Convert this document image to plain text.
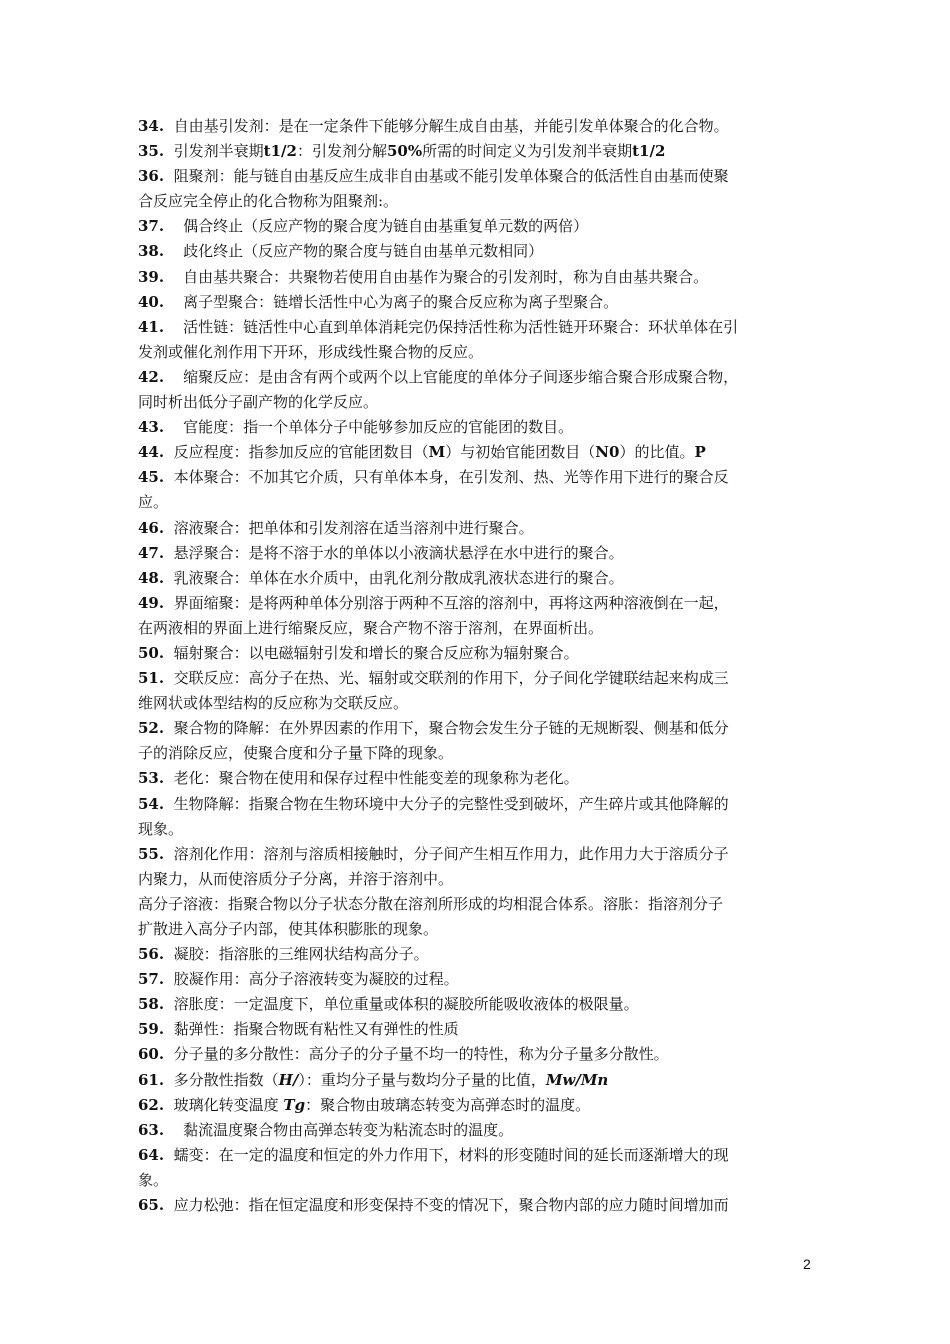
34.  自由基引发剂：是在一定条件下能够分解生成自由基，并能引发单体聚合的化合物。
35.  引发剂半衰期t1/2：引发剂分解50%所需的时间定义为引发剂半衰期t1/2
36.  阻聚剂：能与链自由基反应生成非自由基或不能引发单体聚合的低活性自由基而使聚
合反应完全停止的化合物称为阻聚剂:。
37.    偶合终止（反应产物的聚合度为链自由基重复单元数的两倍）
38.    歧化终止（反应产物的聚合度与链自由基单元数相同）
39.    自由基共聚合：共聚物若使用自由基作为聚合的引发剂时，称为自由基共聚合。
40.    离子型聚合：链增长活性中心为离子的聚合反应称为离子型聚合。
41.    活性链：链活性中心直到单体消耗完仍保持活性称为活性链开环聚合：环状单体在引
发剂或催化剂作用下开环，形成线性聚合物的反应。
42.    缩聚反应：是由含有两个或两个以上官能度的单体分子间逐步缩合聚合形成聚合物，
同时析出低分子副产物的化学反应。
43.    官能度：指一个单体分子中能够参加反应的官能团的数目。
44.  反应程度：指参加反应的官能团数目（M）与初始官能团数目（N0）的比值。P
45.  本体聚合：不加其它介质，只有单体本身，在引发剂、热、光等作用下进行的聚合反
应。
46.  溶液聚合：把单体和引发剂溶在适当溶剂中进行聚合。
47.  悬浮聚合：是将不溶于水的单体以小液滴状悬浮在水中进行的聚合。
48.  乳液聚合：单体在水介质中，由乳化剂分散成乳液状态进行的聚合。
49.  界面缩聚：是将两种单体分别溶于两种不互溶的溶剂中，再将这两种溶液倒在一起，
在两液相的界面上进行缩聚反应，聚合产物不溶于溶剂，在界面析出。
50.  辐射聚合：以电磁辐射引发和增长的聚合反应称为辐射聚合。
51.  交联反应：高分子在热、光、辐射或交联剂的作用下，分子间化学键联结起来构成三
维网状或体型结构的反应称为交联反应。
52.  聚合物的降解：在外界因素的作用下，聚合物会发生分子链的无规断裂、侧基和低分
子的消除反应，使聚合度和分子量下降的现象。
53.  老化：聚合物在使用和保存过程中性能变差的现象称为老化。
54.  生物降解：指聚合物在生物环境中大分子的完整性受到破坏，产生碎片或其他降解的
现象。
55.  溶剂化作用：溶剂与溶质相接触时，分子间产生相互作用力，此作用力大于溶质分子
内聚力，从而使溶质分子分离，并溶于溶剂中。
高分子溶液：指聚合物以分子状态分散在溶剂所形成的均相混合体系。溶胀：指溶剂分子
扩散进入高分子内部，使其体积膨胀的现象。
56.  凝胶：指溶胀的三维网状结构高分子。
57.  胶凝作用：高分子溶液转变为凝胶的过程。
58.  溶胀度：一定温度下，单位重量或体积的凝胶所能吸收液体的极限量。
59.  黏弹性：指聚合物既有粘性又有弹性的性质
60.  分子量的多分散性：高分子的分子量不均一的特性，称为分子量多分散性。
61.  多分散性指数（H/）：重均分子量与数均分子量的比值，Mw/Mn
62.  玻璃化转变温度 Tg：聚合物由玻璃态转变为高弹态时的温度。
63.    黏流温度聚合物由高弹态转变为粘流态时的温度。
64.  蠕变：在一定的温度和恒定的外力作用下，材料的形变随时间的延长而逐渐增大的现
象。
65.  应力松弛：指在恒定温度和形变保持不变的情况下，聚合物内部的应力随时间增加而
2
